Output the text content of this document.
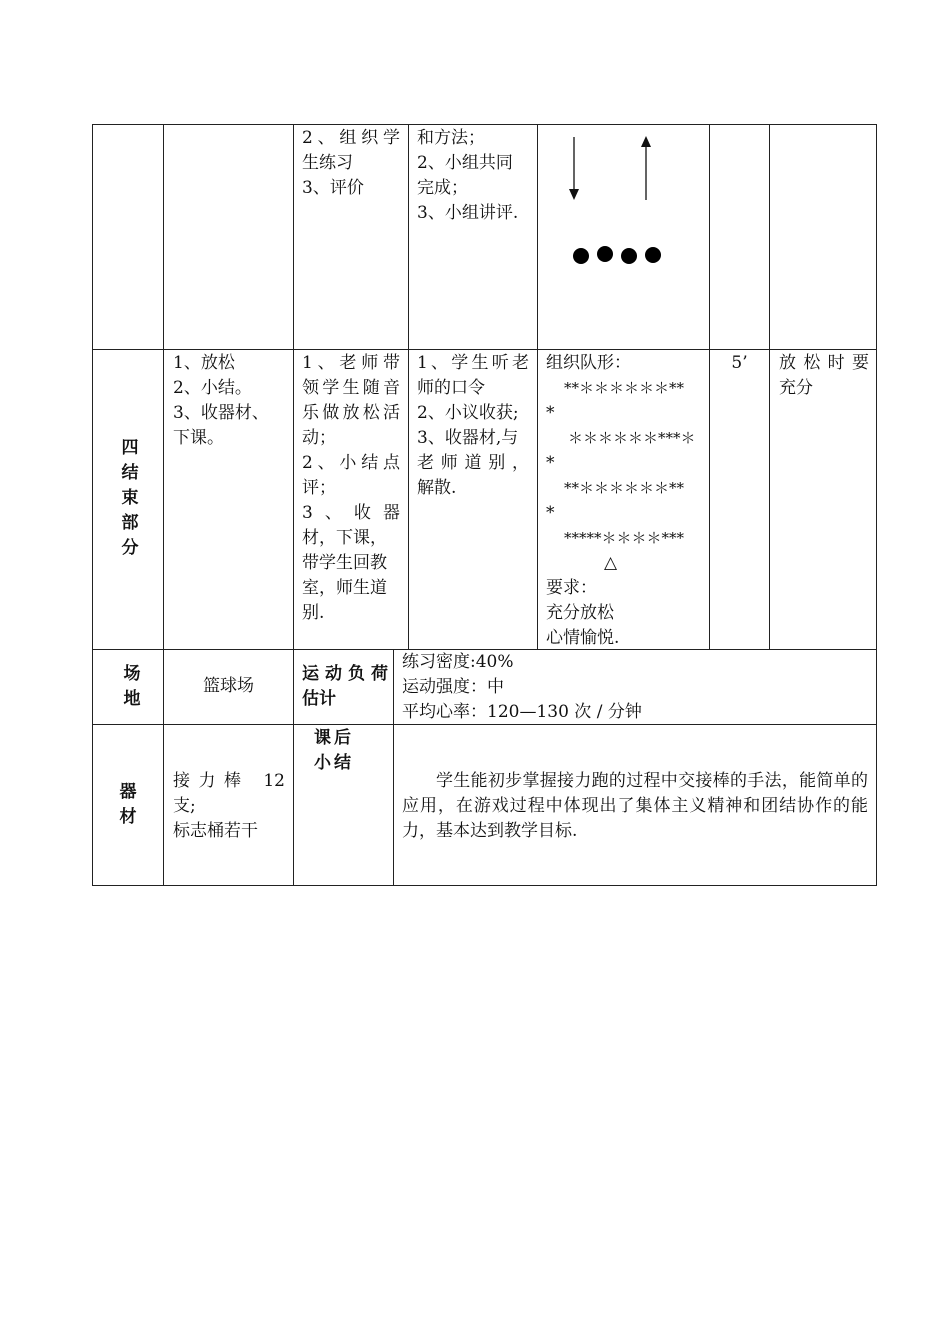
2、组织学
生练习
3、评价
和方法；
2、小组共同
完成；
3、小组讲评.
四
结
束
部
分
1、放松
2、小结。
3、收器材、
下课。
1、老师带
领学生随音
乐做放松活
动；
2、小结点
评；
3、收器
材，下课，
带学生回教
室，师生道
别.
1、学生听老
师的口令
2、小议收获;
3、收器材,与
老师道别，
解散.
组织队形：
**＊＊＊＊＊＊**
*
＊＊＊＊＊＊***＊
*
**＊＊＊＊＊＊**
*
*****＊＊＊＊***
△
要求：
充分放松
心情愉悦.
5’	放松时要
充分
场
地
篮球场
运动负荷
估计
练习密度:40%
运动强度：中
平均心率：120—130 次 / 分钟
器
材
接力棒 12
支;
标志桶若干
课后
小结
学生能初步掌握接力跑的过程中交接棒的手法，能简单的应用，在游戏过程中体现出了集体主义精神和团结协作的能力，基本达到教学目标.
